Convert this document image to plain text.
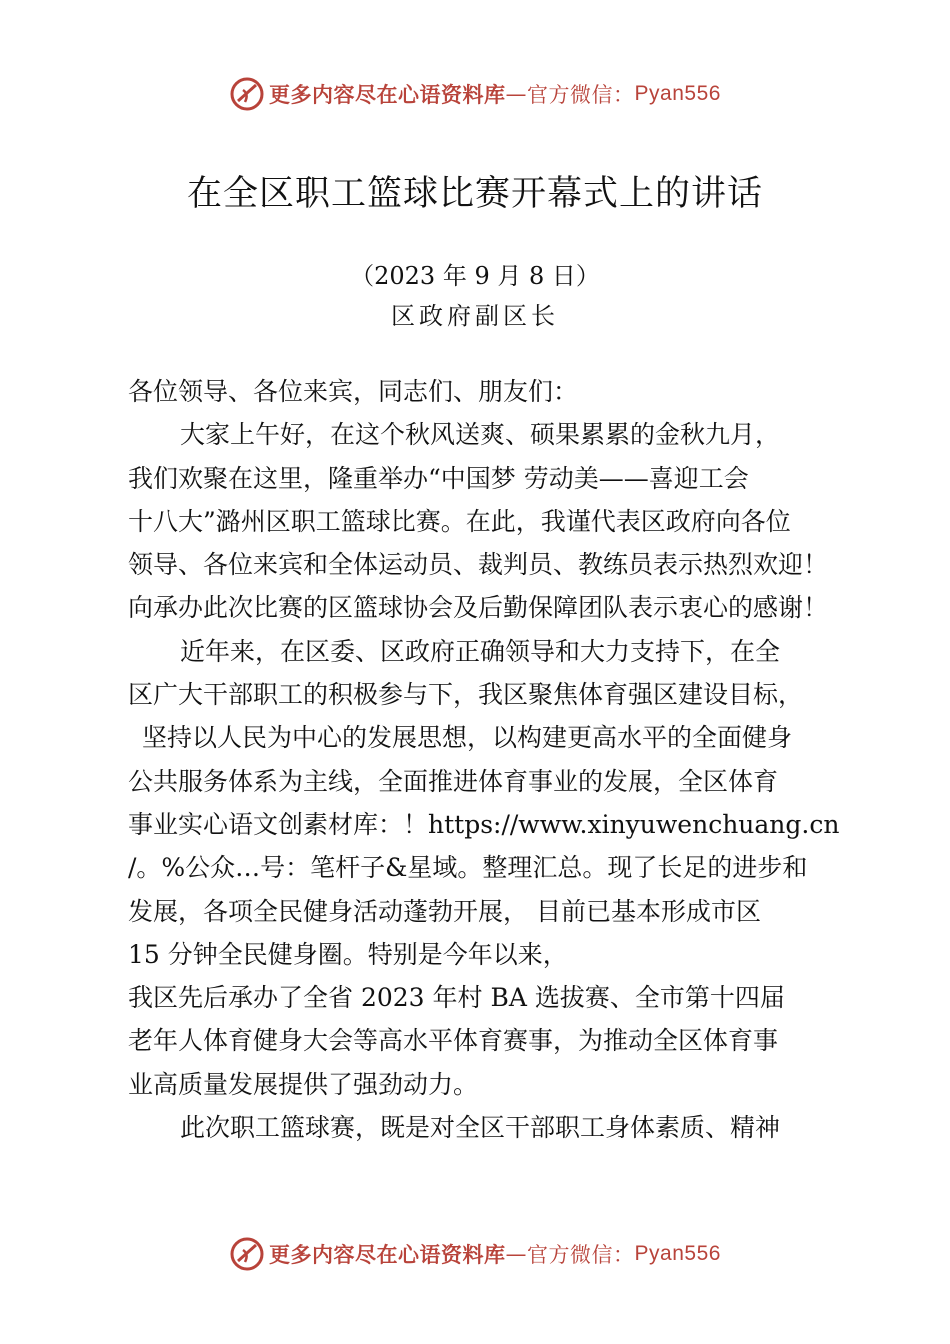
更多内容尽在心语资料库—官方微信：Pyan556
在全区职工篮球比赛开幕式上的讲话
（2023 年 9 月 8 日）
区政府副区长
各位领导、各位来宾，同志们、朋友们：
大家上午好，在这个秋风送爽、硕果累累的金秋九月，
我们欢聚在这里，隆重举办“中国梦 劳动美——喜迎工会
十八大”潞州区职工篮球比赛。在此，我谨代表区政府向各位
领导、各位来宾和全体运动员、裁判员、教练员表示热烈欢迎！
向承办此次比赛的区篮球协会及后勤保障团队表示衷心的感谢！
近年来，在区委、区政府正确领导和大力支持下，在全
区广大干部职工的积极参与下，我区聚焦体育强区建设目标，
坚持以人民为中心的发展思想，以构建更高水平的全面健身
公共服务体系为主线，全面推进体育事业的发展，全区体育
事业实心语文创素材库：！https://www.xinyuwenchuang.cn
/。%公众…号：笔杆子&星域。整理汇总。现了长足的进步和
发展，各项全民健身活动蓬勃开展， 目前已基本形成市区
15 分钟全民健身圈。特别是今年以来，
我区先后承办了全省 2023 年村 BA 选拔赛、全市第十四届
老年人体育健身大会等高水平体育赛事，为推动全区体育事
业高质量发展提供了强劲动力。
此次职工篮球赛，既是对全区干部职工身体素质、精神
更多内容尽在心语资料库—官方微信：Pyan556
